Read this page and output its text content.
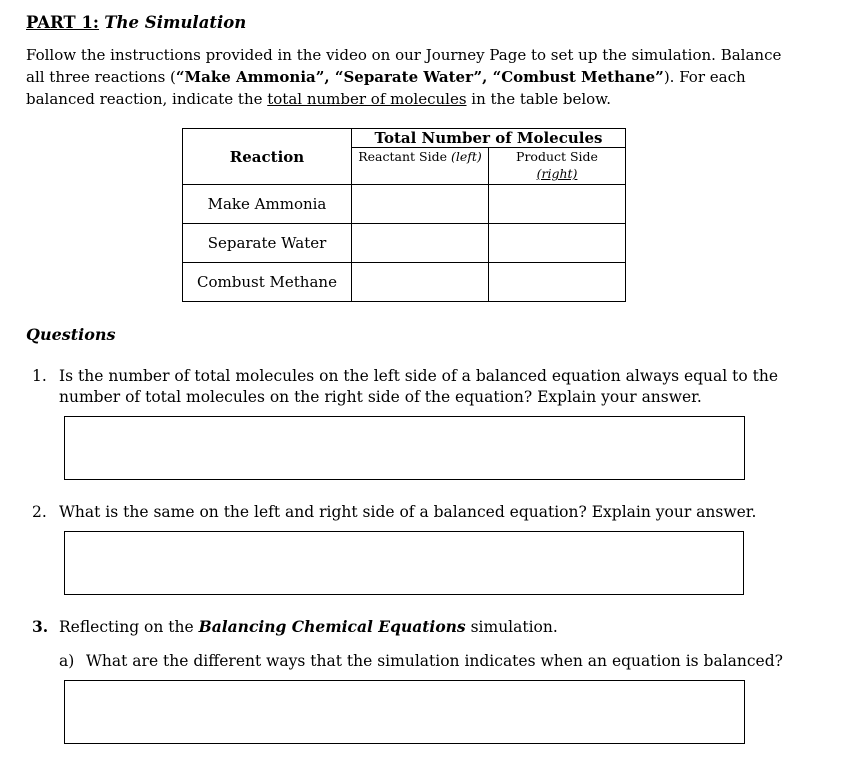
PART 1: The Simulation
Follow the instructions provided in the video on our Journey Page to set up the simulation. Balance
all three reactions (“Make Ammonia”, “Separate Water”, “Combust Methane”). For each
balanced reaction, indicate the total number of molecules in the table below.
Reaction	Total Number of Molecules	
	Reactant Side (left)	Product Side
(right)
Make Ammonia		
Separate Water		
Combust Methane		
Questions
1. Is the number of total molecules on the left side of a balanced equation always equal to the
number of total molecules on the right side of the equation? Explain your answer.
2. What is the same on the left and right side of a balanced equation? Explain your answer.
3. Reflecting on the Balancing Chemical Equations simulation.
a) What are the different ways that the simulation indicates when an equation is balanced?
